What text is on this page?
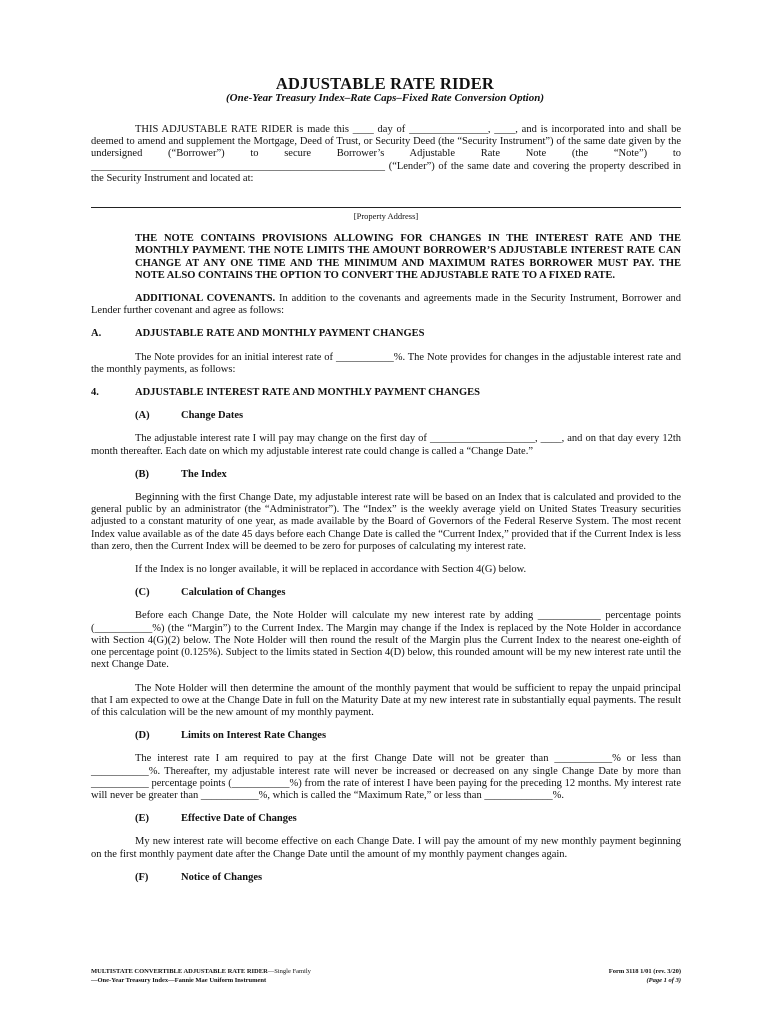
ADJUSTABLE RATE RIDER
(One-Year Treasury Index–Rate Caps–Fixed Rate Conversion Option)

THIS ADJUSTABLE RATE RIDER is made this ____ day of _______________, ____, and is incorporated into and shall be deemed to amend and supplement the Mortgage, Deed of Trust, or Security Deed (the “Security Instrument”) of the same date given by the undersigned (“Borrower”) to secure Borrower’s Adjustable Rate Note (the “Note”) to ________________________________________________________ (“Lender”) of the same date and covering the property described in the Security Instrument and located at:

[Property Address]

THE NOTE CONTAINS PROVISIONS ALLOWING FOR CHANGES IN THE INTEREST RATE AND THE MONTHLY PAYMENT. THE NOTE LIMITS THE AMOUNT BORROWER’S ADJUSTABLE INTEREST RATE CAN CHANGE AT ANY ONE TIME AND THE MINIMUM AND MAXIMUM RATES BORROWER MUST PAY. THE NOTE ALSO CONTAINS THE OPTION TO CONVERT THE ADJUSTABLE RATE TO A FIXED RATE.

ADDITIONAL COVENANTS. In addition to the covenants and agreements made in the Security Instrument, Borrower and Lender further covenant and agree as follows:

A.	ADJUSTABLE RATE AND MONTHLY PAYMENT CHANGES

The Note provides for an initial interest rate of ___________%. The Note provides for changes in the adjustable interest rate and the monthly payments, as follows:

4.	ADJUSTABLE INTEREST RATE AND MONTHLY PAYMENT CHANGES
(A)	Change Dates

The adjustable interest rate I will pay may change on the first day of ____________________, ____, and on that day every 12th month thereafter. Each date on which my adjustable interest rate could change is called a “Change Date.”

(B)	The Index

Beginning with the first Change Date, my adjustable interest rate will be based on an Index that is calculated and provided to the general public by an administrator (the “Administrator”). The “Index” is the weekly average yield on United States Treasury securities adjusted to a constant maturity of one year, as made available by the Board of Governors of the Federal Reserve System. The most recent Index value available as of the date 45 days before each Change Date is called the “Current Index,” provided that if the Current Index is less than zero, then the Current Index will be deemed to be zero for purposes of calculating my interest rate.

If the Index is no longer available, it will be replaced in accordance with Section 4(G) below.

(C)	Calculation of Changes

Before each Change Date, the Note Holder will calculate my new interest rate by adding ____________ percentage points (___________%) (the “Margin”) to the Current Index. The Margin may change if the Index is replaced by the Note Holder in accordance with Section 4(G)(2) below. The Note Holder will then round the result of the Margin plus the Current Index to the nearest one-eighth of one percentage point (0.125%). Subject to the limits stated in Section 4(D) below, this rounded amount will be my new interest rate until the next Change Date.

The Note Holder will then determine the amount of the monthly payment that would be sufficient to repay the unpaid principal that I am expected to owe at the Change Date in full on the Maturity Date at my new interest rate in substantially equal payments. The result of this calculation will be the new amount of my monthly payment.

(D)	Limits on Interest Rate Changes

The interest rate I am required to pay at the first Change Date will not be greater than ___________% or less than ___________%. Thereafter, my adjustable interest rate will never be increased or decreased on any single Change Date by more than ___________ percentage points (___________%) from the rate of interest I have been paying for the preceding 12 months. My interest rate will never be greater than ___________%, which is called the “Maximum Rate,” or less than _____________%.

(E)	Effective Date of Changes

My new interest rate will become effective on each Change Date. I will pay the amount of my new monthly payment beginning on the first monthly payment date after the Change Date until the amount of my monthly payment changes again.

(F)	Notice of Changes
MULTISTATE CONVERTIBLE ADJUSTABLE RATE RIDER—Single Family
—One-Year Treasury Index—Fannie Mae Uniform Instrument
Form 3118 1/01 (rev. 3/20)
(Page 1 of 3)
